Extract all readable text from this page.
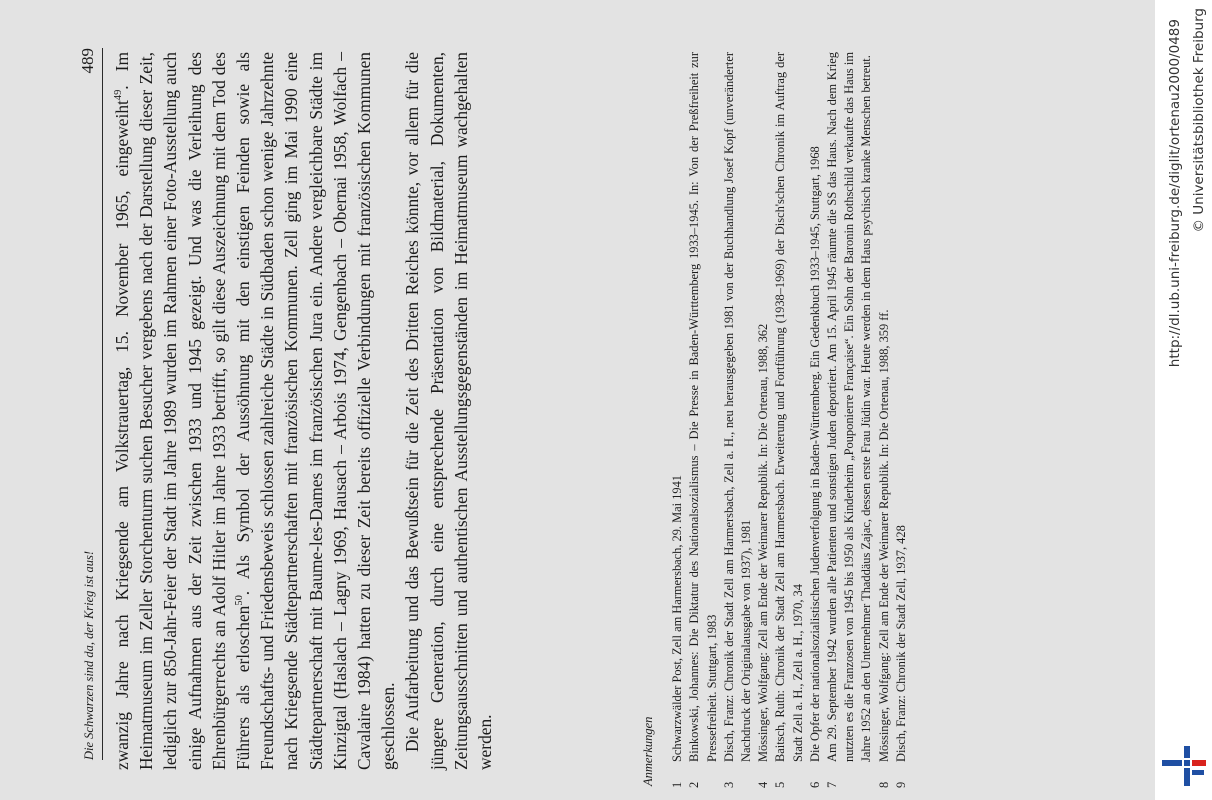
Die Schwarzen sind da, der Krieg ist aus!
489

zwanzig Jahre nach Kriegsende am Volkstrauertag, 15. November 1965, eingeweiht$^{49}$. Im Heimatmuseum im Zeller Storchenturm suchen Besucher vergebens nach der Darstellung dieser Zeit, lediglich zur 850-Jahr-Feier der Stadt im Jahre 1989 wurden im Rahmen einer Foto-Ausstellung auch einige Aufnahmen aus der Zeit zwischen 1933 und 1945 gezeigt. Und was die Verleihung des Ehrenbürgerrechts an Adolf Hitler im Jahre 1933 betrifft, so gilt diese Auszeichnung mit dem Tod des Führers als erloschen$^{50}$. Als Symbol der Aussöhnung mit den einstigen Feinden sowie als Freundschafts- und Friedensbeweis schlossen zahlreiche Städte in Südbaden schon wenige Jahrzehnte nach Kriegsende Städtepartnerschaften mit französischen Kommunen. Zell ging im Mai 1990 eine Städtepartnerschaft mit Baume-les-Dames im französischen Jura ein. Andere vergleichbare Städte im Kinzigtal (Haslach – Lagny 1969, Hausach – Arbois 1974, Gengenbach – Obernai 1958, Wolfach – Cavalaire 1984) hatten zu dieser Zeit bereits offizielle Verbindungen mit französischen Kommunen geschlossen. Die Aufarbeitung und das Bewußtsein für die Zeit des Dritten Reiches könnte, vor allem für die jüngere Generation, durch eine entsprechende Präsentation von Bildmaterial, Dokumenten, Zeitungsausschnitten und authentischen Ausstellungsgegenständen im Heimatmuseum wachgehalten werden.	Anmerkungen 1
Schwarzwälder Post, Zell am Harmersbach, 29. Mai 1941
2
Binkowski, Johannes: Die Diktatur des Nationalsozialismus – Die Presse in Baden-Württemberg 1933–1945. In: Von der Preßfreiheit zur Pressefreiheit. Stuttgart, 1983
3
Disch, Franz: Chronik der Stadt Zell am Harmersbach, Zell a. H., neu herausgegeben 1981 von der Buchhandlung Josef Kopf (unveränderter Nachdruck der Originalausgabe von 1937), 1981
4
Mössinger, Wolfgang: Zell am Ende der Weimarer Republik. In: Die Ortenau, 1988, 362
5
Baitsch, Ruth: Chronik der Stadt Zell am Harmersbach. Erweiterung und Fortführung (1938–1969) der Disch'schen Chronik im Auftrag der Stadt Zell a. H., Zell a. H., 1970, 34
6
Die Opfer der nationalsozialistischen Judenverfolgung in Baden-Württemberg. Ein Gedenkbuch 1933–1945, Stuttgart, 1968
7
Am 29. September 1942 wurden alle Patienten und sonstigen Juden deportiert. Am 15. April 1945 räumte die SS das Haus. Nach dem Krieg nutzten es die Franzosen von 1945 bis 1950 als Kinderheim „Pouponierre Française“. Ein Sohn der Baronin Rothschild verkaufte das Haus im Jahre 1952 an den Unternehmer Thaddäus Zajac, dessen erste Frau Jüdin war. Heute werden in dem Haus psychisch kranke Menschen betreut.
8
Mössinger, Wolfgang: Zell am Ende der Weimarer Republik. In: Die Ortenau, 1988, 359 ff.
9
Disch, Franz: Chronik der Stadt Zell, 1937, 428
http://dl.ub.uni-freiburg.de/diglit/ortenau2000/0489 © Universitätsbibliothek Freiburg
